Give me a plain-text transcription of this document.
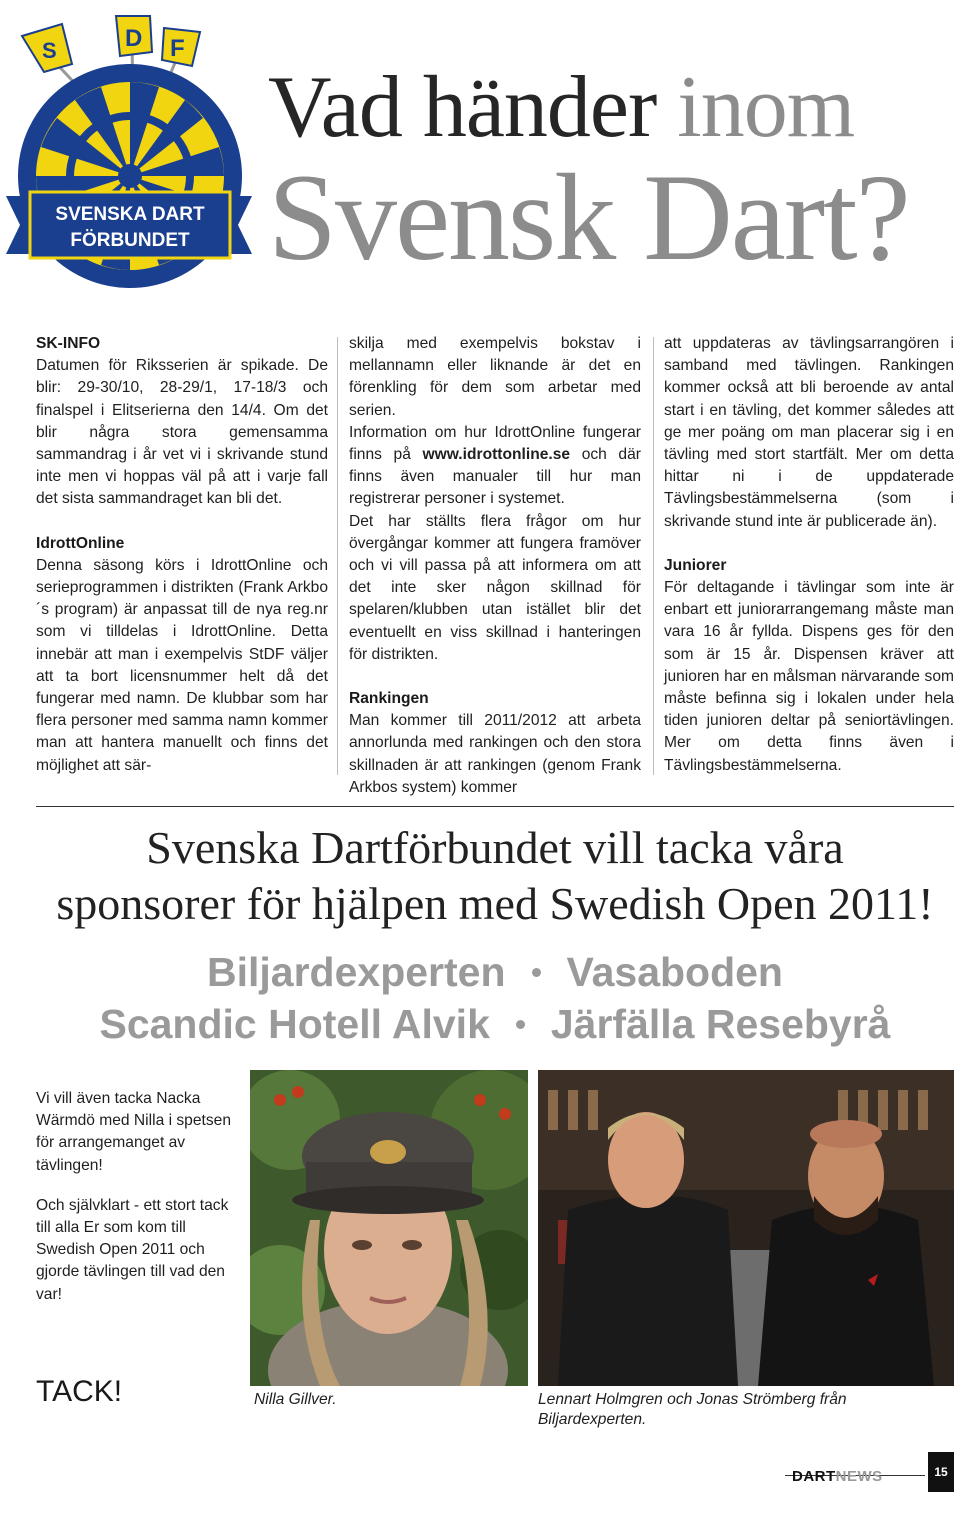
S	D F
SVENSKA DART
FÖRBUNDET
Vad händer inom
Svensk Dart?

SK-INFO

Datumen för Riksserien är spikade. De blir: 29-30/10, 28-29/1, 17-18/3 och finalspel i Elitserierna den 14/4. Om det blir några stora gemensamma sammandrag i år vet vi i skrivande stund inte men vi hoppas väl på att i varje fall det sista sammandraget kan bli det.

IdrottOnline

Denna säsong körs i IdrottOnline och serieprogrammen i distrikten (Frank Arkbo´s program) är anpassat till de nya reg.nr som vi tilldelas i IdrottOnline. Detta innebär att man i exempelvis StDF väljer att ta bort licensnummer helt då det fungerar med namn. De klubbar som har flera personer med samma namn kommer man att hantera manuellt och finns det möjlighet att sär-

skilja med exempelvis bokstav i mellannamn eller liknande är det en förenkling för dem som arbetar med serien.

Information om hur IdrottOnline fungerar finns på www.idrottonline.se och där finns även manualer till hur man registrerar personer i systemet.

Det har ställts flera frågor om hur övergångar kommer att fungera framöver och vi vill passa på att informera om att det inte sker någon skillnad för spelaren/klubben utan istället blir det eventuellt en viss skillnad i hanteringen för distrikten.

Rankingen

Man kommer till 2011/2012 att arbeta annorlunda med rankingen och den stora skillnaden är att rankingen (genom Frank Arkbos system) kommer

att uppdateras av tävlingsarrangören i samband med tävlingen. Rankingen kommer också att bli beroende av antal start i en tävling, det kommer således att ge mer poäng om man placerar sig i en tävling med stort startfält. Mer om detta hittar ni i de uppdaterade Tävlingsbestämmelserna (som i skrivande stund inte är publicerade än).

Juniorer

För deltagande i tävlingar som inte är enbart ett juniorarrangemang måste man vara 16 år fyllda. Dispens ges för den som är 15 år. Dispensen kräver att junioren har en målsman närvarande som måste befinna sig i lokalen under hela tiden junioren deltar på seniortävlingen. Mer om detta finns även i Tävlingsbestämmelserna.

Svenska Dartförbundet vill tacka våra
sponsorer för hjälpen med Swedish Open 2011!
Biljardexperten Vasaboden
Scandic Hotell Alvik Järfälla Resebyrå

Vi vill även tacka Nacka Wärmdö med Nilla i spetsen för arrangemanget av tävlingen!

Och självklart - ett stort tack till alla Er som kom till Swedish Open 2011 och gjorde tävlingen till vad den var!

TACK!	Nilla Gillver.	Lennart Holmgren och Jonas Strömberg från Biljardexperten.
DARTNEWS	15
